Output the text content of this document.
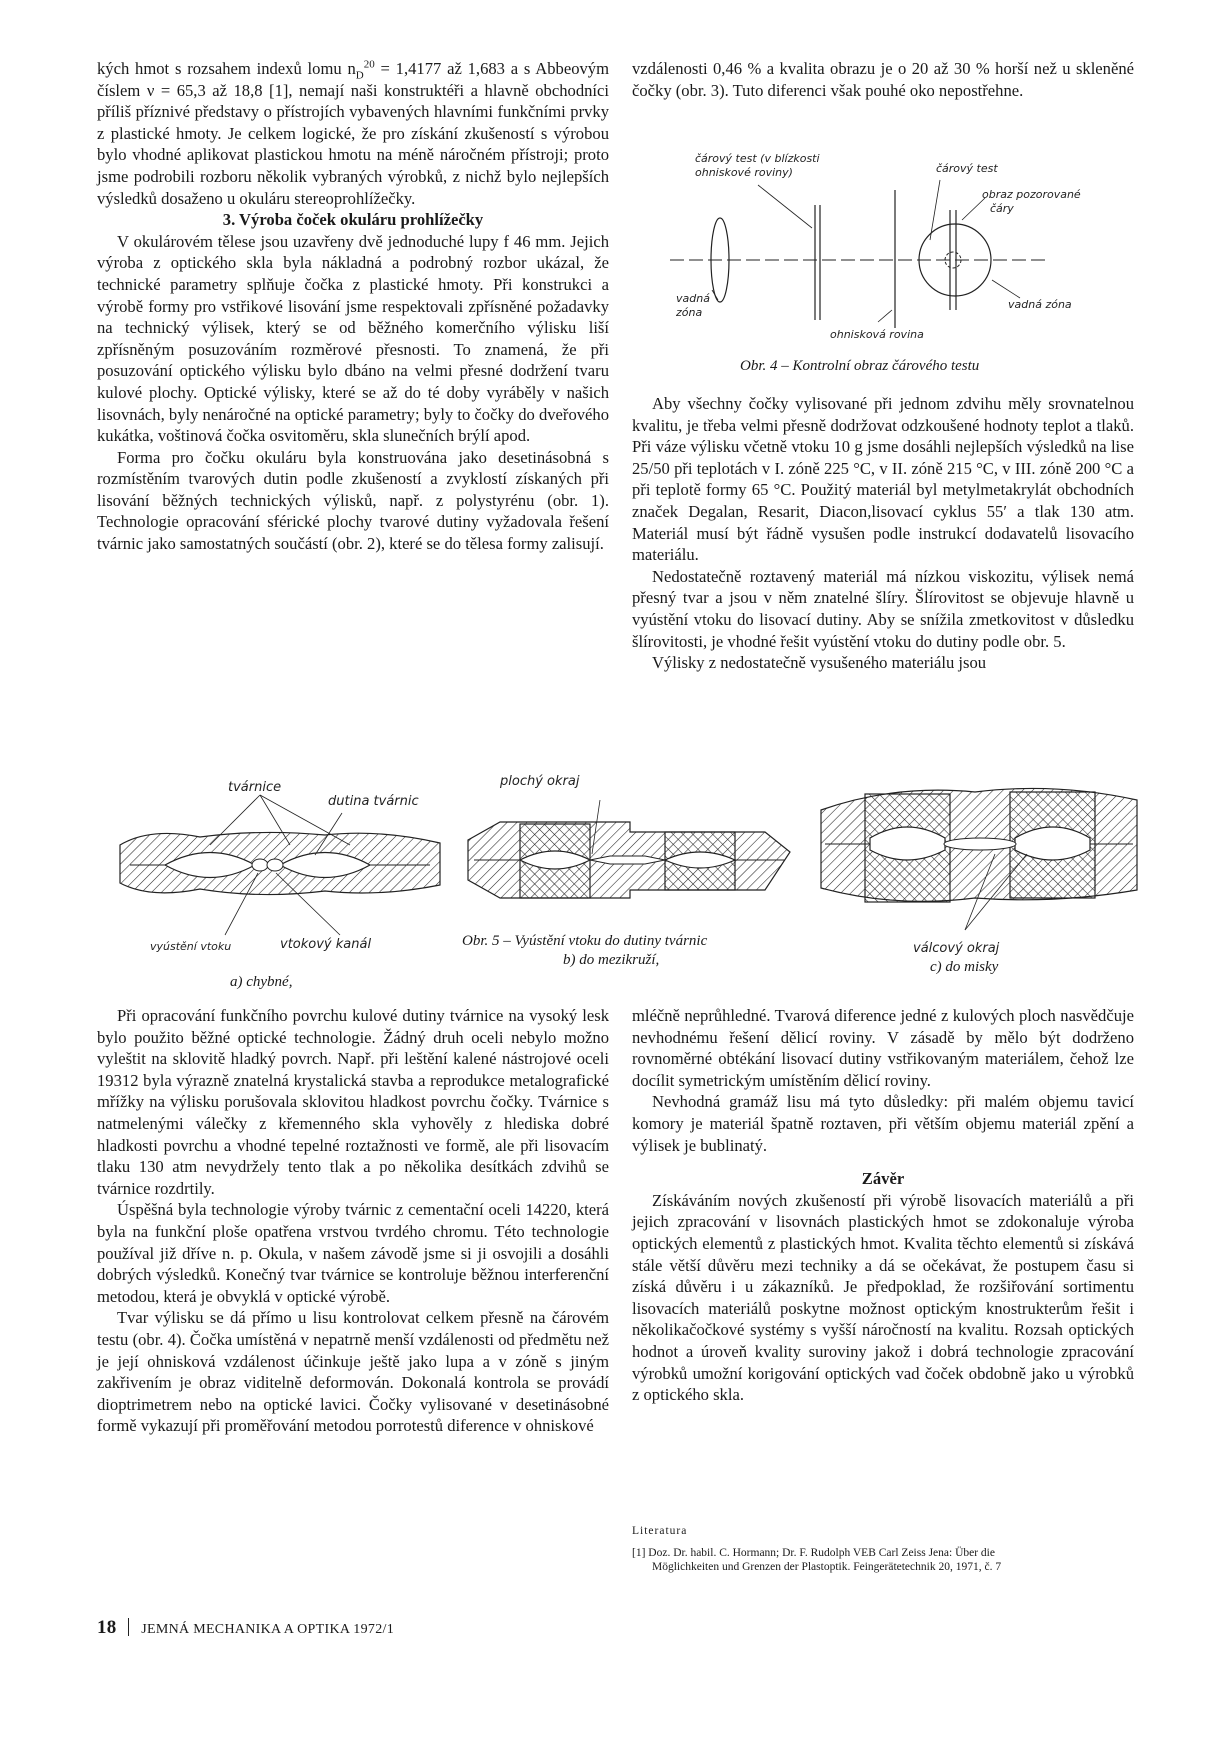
kých hmot s rozsahem indexů lomu $n_D^{20} = 1,4177$ až 1,683 a s Abbeovým číslem ν = 65,3 až 18,8 [1], nemají naši konstruktéři a hlavně obchodníci příliš příznivé představy o přístrojích vybavených hlavními funkčními prvky z plastické hmoty. Je celkem logické, že pro získání zkušeností s výrobou bylo vhodné aplikovat plastickou hmotu na méně náročném přístroji; proto jsme podrobili rozboru několik vybraných výrobků, z nichž bylo nejlepších výsledků dosaženo u okuláru stereoprohlížečky.

3. Výroba čoček okuláru prohlížečky

V okulárovém tělese jsou uzavřeny dvě jednoduché lupy f 46 mm. Jejich výroba z optického skla byla nákladná a podrobný rozbor ukázal, že technické parametry splňuje čočka z plastické hmoty. Při konstrukci a výrobě formy pro vstřikové lisování jsme respektovali zpřísněné požadavky na technický výlisek, který se od běžného komerčního výlisku liší zpřísněným posuzováním rozměrové přesnosti. To znamená, že při posuzování optického výlisku bylo dbáno na velmi přesné dodržení tvaru kulové plochy. Optické výlisky, které se až do té doby vyráběly v našich lisovnách, byly nenáročné na optické parametry; byly to čočky do dveřového kukátka, voštinová čočka osvitoměru, skla slunečních brýlí apod.

Forma pro čočku okuláru byla konstruována jako desetinásobná s rozmístěním tvarových dutin podle zkušeností a zvyklostí získaných při lisování běžných technických výlisků, např. z polystyrénu (obr. 1). Technologie opracování sférické plochy tvarové dutiny vyžadovala řešení tvárnic jako samostatných součástí (obr. 2), které se do tělesa formy zalisují.

vzdálenosti 0,46 % a kvalita obrazu je o 20 až 30 % horší než u skleněné čočky (obr. 3). Tuto diferenci však pouhé oko nepostřehne.

čárový test (v blízkosti
ohniskové roviny)	čárový test
obraz pozorované
čáry
vadná
zóna
vadná zóna
ohnisková rovina
Obr. 4 – Kontrolní obraz čárového testu

Aby všechny čočky vylisované při jednom zdvihu měly srovnatelnou kvalitu, je třeba velmi přesně dodržovat odzkoušené hodnoty teplot a tlaků. Při váze výlisku včetně vtoku 10 g jsme dosáhli nejlepších výsledků na lise 25/50 při teplotách v I. zóně 225 °C, v II. zóně 215 °C, v III. zóně 200 °C a při teplotě formy 65 °C. Použitý materiál byl metylmetakrylát obchodních značek Degalan, Resarit, Diacon,lisovací cyklus 55′ a tlak 130 atm. Materiál musí být řádně vysušen podle instrukcí dodavatelů lisovacího materiálu.

Nedostatečně roztavený materiál má nízkou viskozitu, výlisek nemá přesný tvar a jsou v něm znatelné šlíry. Šlírovitost se objevuje hlavně u vyústění vtoku do lisovací dutiny. Aby se snížila zmetkovitost v důsledku šlírovitosti, je vhodné řešit vyústění vtoku do dutiny podle obr. 5.

Výlisky z nedostatečně vysušeného materiálu jsou

tvárnice
dutina tvárnic
vyústění vtoku	vtokový kanál
a) chybné,
plochý okraj
Obr. 5 – Vyústění vtoku do dutiny tvárnic
b) do mezikruží,
válcový okraj
c) do misky

Při opracování funkčního povrchu kulové dutiny tvárnice na vysoký lesk bylo použito běžné optické technologie. Žádný druh oceli nebylo možno vyleštit na sklovitě hladký povrch. Např. při leštění kalené nástrojové oceli 19312 byla výrazně znatelná krystalická stavba a reprodukce metalografické mřížky na výlisku porušovala sklovitou hladkost povrchu čočky. Tvárnice s natmelenými válečky z křemenného skla vyhověly z hlediska dobré hladkosti povrchu a vhodné tepelné roztažnosti ve formě, ale při lisovacím tlaku 130 atm nevydržely tento tlak a po několika desítkách zdvihů se tvárnice rozdrtily.

Úspěšná byla technologie výroby tvárnic z cementační oceli 14220, která byla na funkční ploše opatřena vrstvou tvrdého chromu. Této technologie používal již dříve n. p. Okula, v našem závodě jsme si ji osvojili a dosáhli dobrých výsledků. Konečný tvar tvárnice se kontroluje běžnou interferenční metodou, která je obvyklá v optické výrobě.

Tvar výlisku se dá přímo u lisu kontrolovat celkem přesně na čárovém testu (obr. 4). Čočka umístěná v nepatrně menší vzdálenosti od předmětu než je její ohnisková vzdálenost účinkuje ještě jako lupa a v zóně s jiným zakřivením je obraz viditelně deformován. Dokonalá kontrola se provádí dioptrimetrem nebo na optické lavici. Čočky vylisované v desetinásobné formě vykazují při proměřování metodou porrotestů diference v ohniskové

mléčně neprůhledné. Tvarová diference jedné z kulových ploch nasvědčuje nevhodnému řešení dělicí roviny. V zásadě by mělo být dodrženo rovnoměrné obtékání lisovací dutiny vstřikovaným materiálem, čehož lze docílit symetrickým umístěním dělicí roviny.

Nevhodná gramáž lisu má tyto důsledky: při malém objemu tavicí komory je materiál špatně roztaven, při větším objemu materiál zpění a výlisek je bublinatý.

Závěr

Získáváním nových zkušeností při výrobě lisovacích materiálů a při jejich zpracování v lisovnách plastických hmot se zdokonaluje výroba optických elementů z plastických hmot. Kvalita těchto elementů si získává stále větší důvěru mezi techniky a dá se očekávat, že postupem času si získá důvěru i u zákazníků. Je předpoklad, že rozšiřování sortimentu lisovacích materiálů poskytne možnost optickým knostrukterům řešit i několikačočkové systémy s vyšší náročností na kvalitu. Rozsah optických hodnot a úroveň kvality suroviny jakož i dobrá technologie zpracování výrobků umožní korigování optických vad čoček obdobně jako u výrobků z optického skla.

Literatura
[1] Doz. Dr. habil. C. Hormann; Dr. F. Rudolph VEB Carl Zeiss Jena: Über die
Möglichkeiten und Grenzen der Plastoptik. Feingerätetechnik 20, 1971, č. 7
18 JEMNÁ MECHANIKA A OPTIKA 1972/1
